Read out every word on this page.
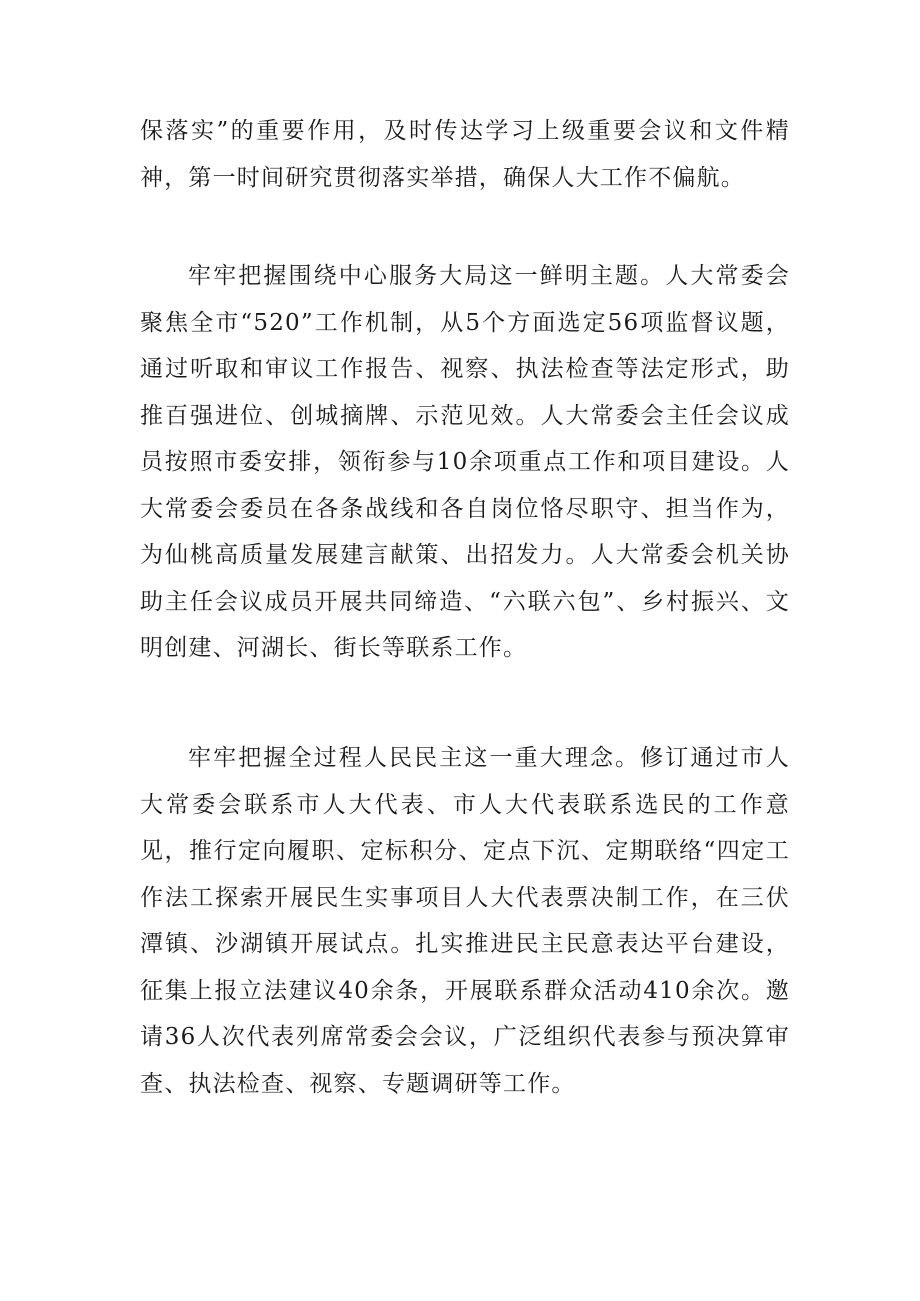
保落实”的重要作用，及时传达学习上级重要会议和文件精神，第一时间研究贯彻落实举措，确保人大工作不偏航。

牢牢把握围绕中心服务大局这一鲜明主题。人大常委会聚焦全市“520”工作机制，从5个方面选定56项监督议题，通过听取和审议工作报告、视察、执法检查等法定形式，助推百强进位、创城摘牌、示范见效。人大常委会主任会议成员按照市委安排，领衔参与10余项重点工作和项目建设。人大常委会委员在各条战线和各自岗位恪尽职守、担当作为，为仙桃高质量发展建言献策、出招发力。人大常委会机关协助主任会议成员开展共同缔造、“六联六包”、乡村振兴、文明创建、河湖长、街长等联系工作。

牢牢把握全过程人民民主这一重大理念。修订通过市人大常委会联系市人大代表、市人大代表联系选民的工作意见，推行定向履职、定标积分、定点下沉、定期联络“四定工作法工探索开展民生实事项目人大代表票决制工作，在三伏潭镇、沙湖镇开展试点。扎实推进民主民意表达平台建设，征集上报立法建议40余条，开展联系群众活动410余次。邀请36人次代表列席常委会会议，广泛组织代表参与预决算审查、执法检查、视察、专题调研等工作。
